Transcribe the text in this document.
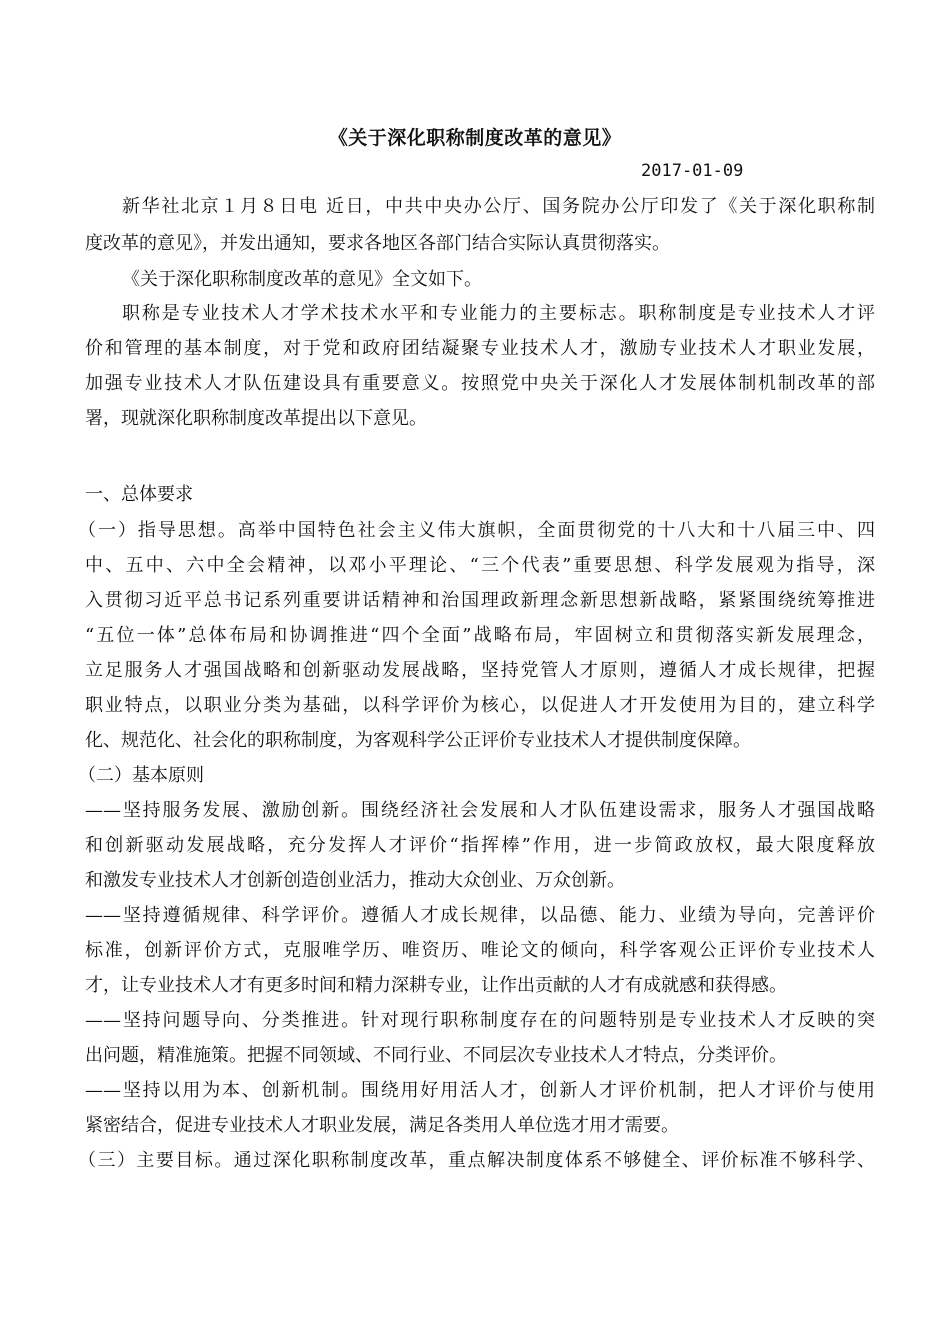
《关于深化职称制度改革的意见》
2017-01-09
新华社北京１月８日电 近日，中共中央办公厅、国务院办公厅印发了《关于深化职称制
度改革的意见》，并发出通知，要求各地区各部门结合实际认真贯彻落实。
《关于深化职称制度改革的意见》全文如下。
职称是专业技术人才学术技术水平和专业能力的主要标志。职称制度是专业技术人才评
价和管理的基本制度，对于党和政府团结凝聚专业技术人才，激励专业技术人才职业发展，
加强专业技术人才队伍建设具有重要意义。按照党中央关于深化人才发展体制机制改革的部
署，现就深化职称制度改革提出以下意见。
一、总体要求
（一）指导思想。高举中国特色社会主义伟大旗帜，全面贯彻党的十八大和十八届三中、四
中、五中、六中全会精神，以邓小平理论、“三个代表”重要思想、科学发展观为指导，深
入贯彻习近平总书记系列重要讲话精神和治国理政新理念新思想新战略，紧紧围绕统筹推进
“五位一体”总体布局和协调推进“四个全面”战略布局，牢固树立和贯彻落实新发展理念，
立足服务人才强国战略和创新驱动发展战略，坚持党管人才原则，遵循人才成长规律，把握
职业特点，以职业分类为基础，以科学评价为核心，以促进人才开发使用为目的，建立科学
化、规范化、社会化的职称制度，为客观科学公正评价专业技术人才提供制度保障。
（二）基本原则
——坚持服务发展、激励创新。围绕经济社会发展和人才队伍建设需求，服务人才强国战略
和创新驱动发展战略，充分发挥人才评价“指挥棒”作用，进一步简政放权，最大限度释放
和激发专业技术人才创新创造创业活力，推动大众创业、万众创新。
——坚持遵循规律、科学评价。遵循人才成长规律，以品德、能力、业绩为导向，完善评价
标准，创新评价方式，克服唯学历、唯资历、唯论文的倾向，科学客观公正评价专业技术人
才，让专业技术人才有更多时间和精力深耕专业，让作出贡献的人才有成就感和获得感。
——坚持问题导向、分类推进。针对现行职称制度存在的问题特别是专业技术人才反映的突
出问题，精准施策。把握不同领域、不同行业、不同层次专业技术人才特点，分类评价。
——坚持以用为本、创新机制。围绕用好用活人才，创新人才评价机制，把人才评价与使用
紧密结合，促进专业技术人才职业发展，满足各类用人单位选才用才需要。
（三）主要目标。通过深化职称制度改革，重点解决制度体系不够健全、评价标准不够科学、
